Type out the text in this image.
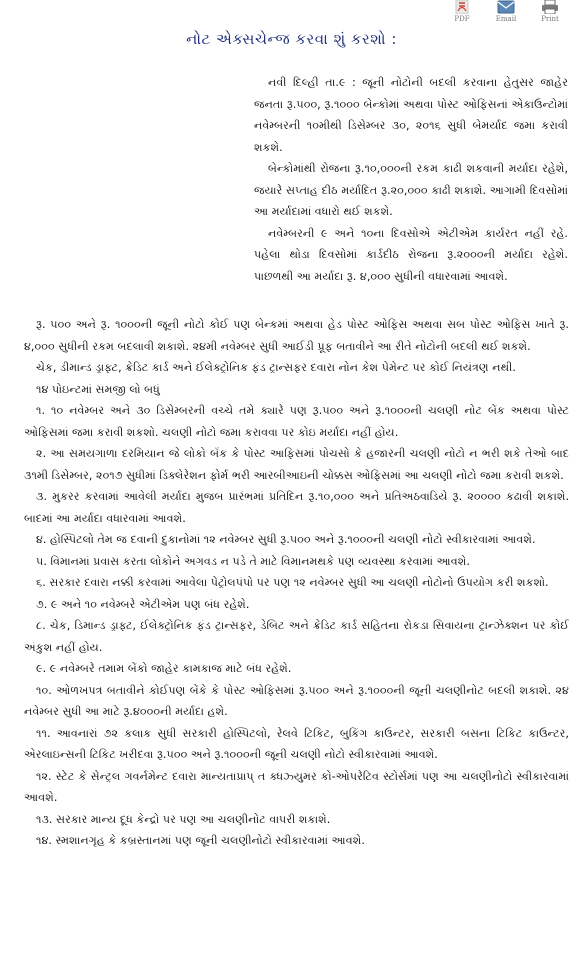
PDF	Email	Print
નોટ એક્સચેન્જ કરવા શું કરશો :

નવી દિલ્હી તા.૯ : જૂની નોટોની બદલી કરવાના હેતુસર જાહેર જનતા રૂ.૫૦૦, રૂ.૧૦૦૦ બેન્કોમાં અથવા પોસ્ટ ઓફિસનાં એકાઉન્ટોમાં નવેમ્બરની ૧૦મીથી ડિસેમ્બર ૩૦, ૨૦૧૬ સુધી બેમર્યાદ જમા કરાવી શકશે.

બેન્કોમાંથી રોજના રૂ.૧૦,૦૦૦ની રકમ કાઢી શકવાની મર્યાદા રહેશે, જયારે સપ્તાહ દીઠ મર્યાદિત રૂ.૨૦,૦૦૦ કાઢી શકાશે. આગામી દિવસોમાં આ મર્યાદામાં વધારો થઈ શકશે.

નવેમ્બરની ૯ અને ૧૦ના દિવસોએ એટીએમ કાર્યરત નહીં રહે. પહેલા થોડા દિવસોમાં કાર્ડદીઠ રોજના રૂ.૨૦૦૦ની મર્યાદા રહેશે. પાછળથી આ મર્યાદા રૂ. ૪,૦૦૦ સુધીની વધારવામાં આવશે.

રૂ. ૫૦૦ અને રૂ. ૧૦૦૦ની જૂની નોટો કોઈ પણ બેન્કમાં અથવા હેડ પોસ્ટ ઓફિસ અથવા સબ પોસ્ટ ઓફિસ ખાતે રૂ. ૪,૦૦૦ સુધીની રકમ બદલાવી શકાશે. ૨૪મી નવેમ્બર સુધી આઈડી પ્રૂફ બતાવીને આ રીતે નોટોની બદલી થઈ શકશે.

ચેક, ડીમાન્ડ ડ્રાફ્ટ, ક્રેડિટ કાર્ડ અને ઈલેક્ટ્રોનિક ફંડ ટ્રાન્સફર દવારા નોન કેશ પેમેન્ટ પર કોઈ નિયંત્રણ નથી.

૧૪ પોઇન્ટમાં સમજી લો બધું

૧. ૧૦ નવેમ્બર અને ૩૦ ડિસેમ્બરની વચ્ચે તમે ક્યારે પણ રૂ.૫૦૦ અને રૂ.૧૦૦૦ની ચલણી નોટ બેંક અથવા પોસ્ટ ઓફિસમાં જમા કરાવી શકશો. ચલણી નોટો જમા કરાવવા પર કોઇ મર્યાદા નહીં હોય.

૨. આ સમયગાળા દરમિયાન જે લોકો બૅંક કે પોસ્ટ આફિસમાં પોચસો કે હજારની ચલણી નોટો ન ભરી શકે તેઓ બાદ ૩૧મી ડિસેમ્બર, ૨૦૧૭ સુધીમાં ડિક્લેરેશન ફોર્મ ભરી આરબીઆઇની ચોક્કસ ઓફિસમાં આ ચલણી નોટો જમા કરાવી શકશે.

૩. મુકરર કરવામાં આવેલી મર્યાદા મુજબ પ્રારંભમાં પ્રતિદિન રૂ.૧૦,૦૦૦ અને પ્રતિઅઠવાડિયે રૂ. ૨૦૦૦૦ કઢાવી શકાશે. બાદમાં આ મર્યાદા વધારવામાં આવશે.

૪. હોસ્પિટલો તેમ જ દવાની દુકાનોમાં ૧૨ નવેમ્બર સુધી રૂ.૫૦૦ અને રૂ.૧૦૦૦ની ચલણી નોટો સ્વીકારવામાં આવશે.

૫. વિમાનમાં પ્રવાસ કરતા લોકોને અગવડ ન પડે તે માટે વિમાનમથકે પણ વ્યવસ્થા કરવામાં આવશે.

૬. સરકાર દવારા નક્કી કરવામાં આવેલા પેટ્રોલપંપો પર પણ ૧૨ નવેમ્બર સુધી આ ચલણી નોટોનો ઉપયોગ કરી શકશો.

૭. ૯ અને ૧૦ નવેમ્બરે એટીએમ પણ બંધ રહેશે.

૮. ચેક, ડિમાન્ડ ડ્રાફ્ટ, ઈલેક્ટ્રોનિક ફંડ ટ્રાન્સફર, ડેબિટ અને ક્રેડિટ કાર્ડ સહિતના રોકડા સિવાયના ટ્રાન્ઝેક્શન પર કોઈ અંકુશ નહીં હોય.

૯. ૯ નવેમ્બરે તમામ બેંકો જાહેર કામકાજ માટે બંધ રહેશે.

૧૦. ઓળખપત્ર બતાવીને કોઈપણ બેંકે કે પોસ્ટ ઓફિસમાં રૂ.૫૦૦ અને રૂ.૧૦૦૦ની જૂની ચલણીનોટ બદલી શકાશે. ૨૪ નવેમ્બર સુધી આ માટે રૂ.૪૦૦૦ની મર્યાદા હશે.

૧૧. આવનારાં ૭૨ કલાક સુધી સરકારી હોસ્પિટલો, રેલવે ટિકિટ, બુકિંગ કાઉન્ટર, સરકારી બસના ટિકિટ કાઉન્ટર, એરલાઇન્સની ટિકિટ ખરીદવા રૂ.૫૦૦ અને રૂ.૧૦૦૦ની જૂની ચલણી નોટો સ્વીકારવામાં આવશે.

૧૨. સ્ટેટ કે સેન્ટ્રલ ગવર્નમેન્ટ દવારા માન્યતાપ્રાપ્ ત ક્ધઝ્યુમર કો-ઓપરેટિવ સ્ટોર્સમાં પણ આ ચલણીનોટો સ્વીકારવામાં આવશે.

૧૩. સરકાર માન્ય દૂધ કેન્દ્રો પર પણ આ ચલણીનોટ વાપરી શકાશે.

૧૪. સ્મશાનગૃહ કે કબ્રસ્તાનમાં પણ જૂની ચલણીનોટો સ્વીકારવામાં આવશે.
